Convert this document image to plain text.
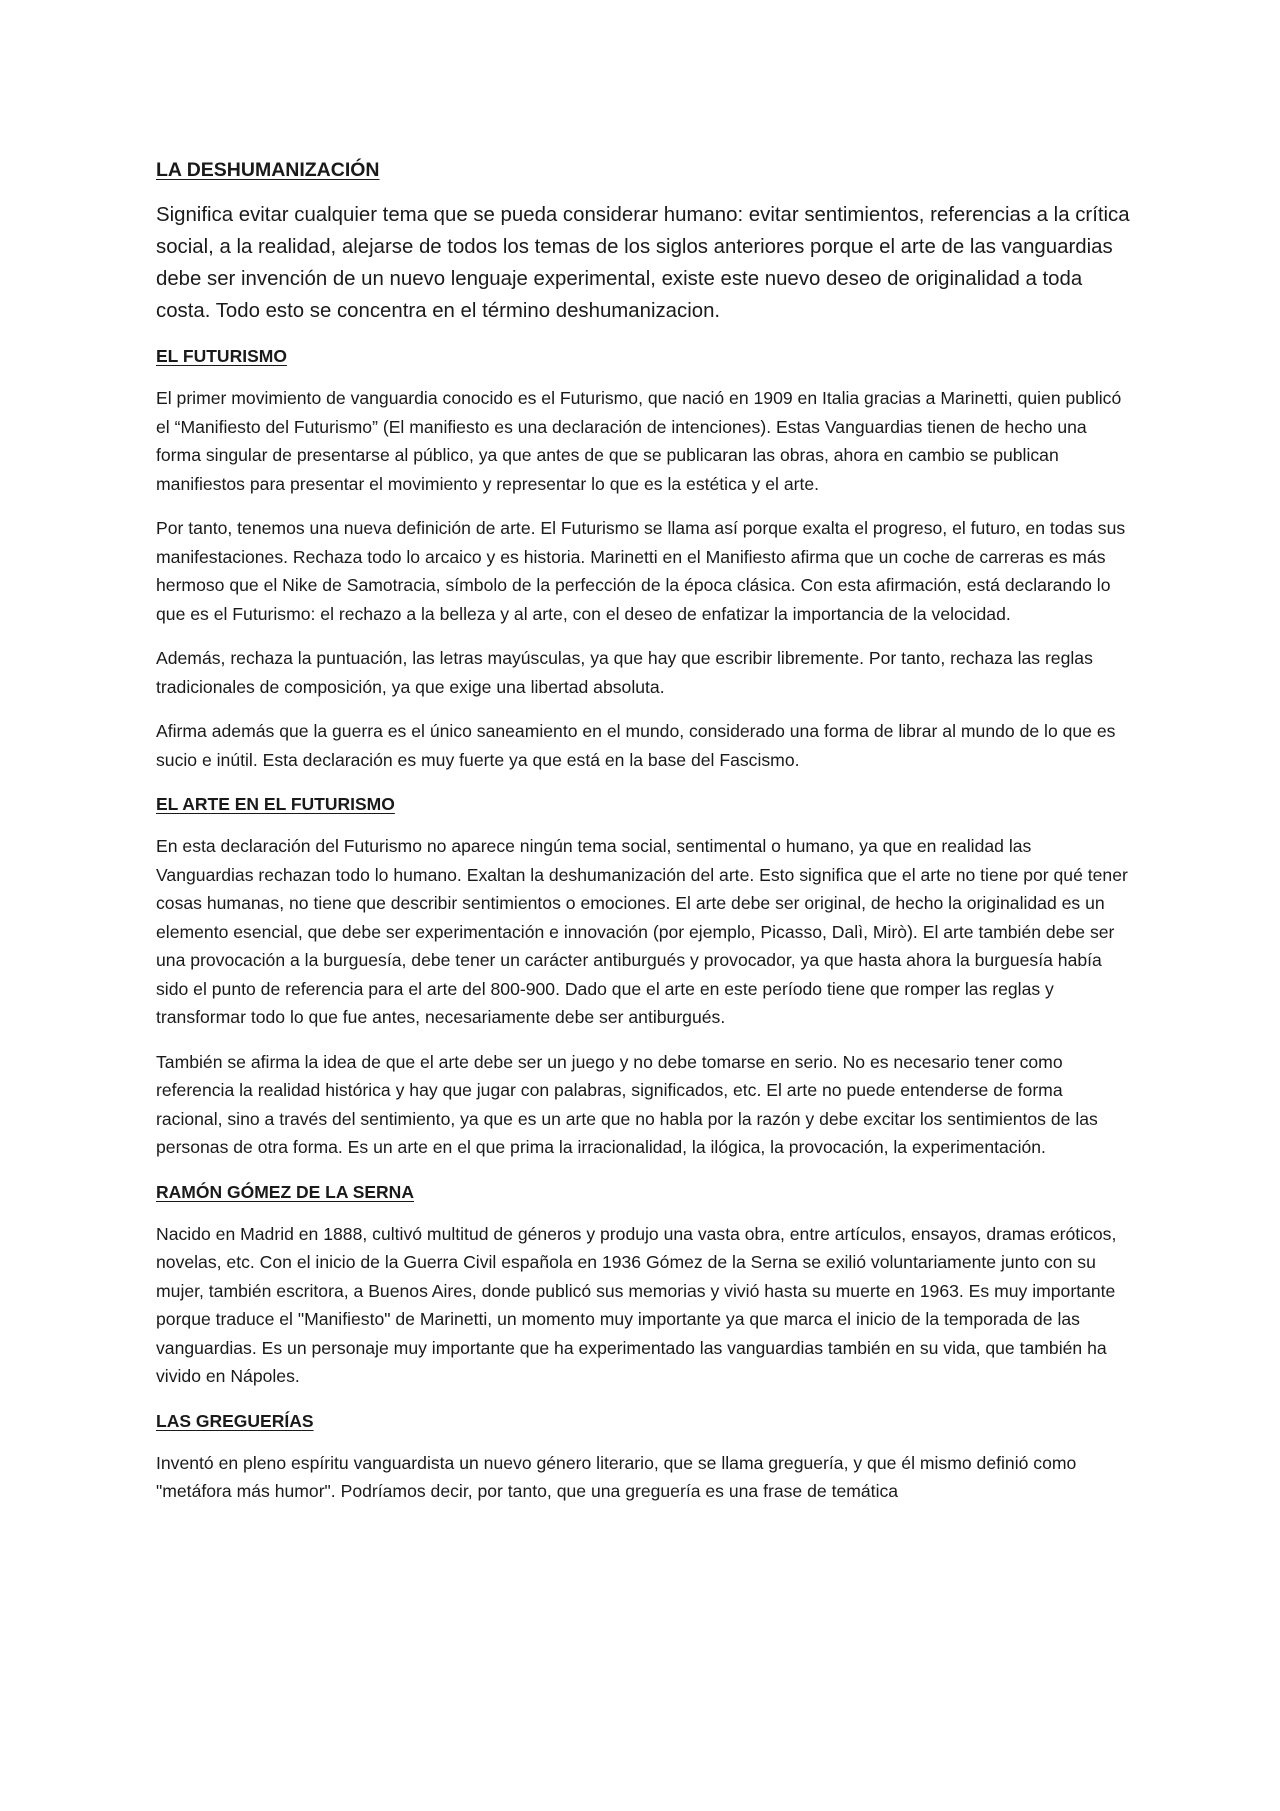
LA DESHUMANIZACIÓN

Significa evitar cualquier tema que se pueda considerar humano: evitar sentimientos, referencias a la crítica social, a la realidad, alejarse de todos los temas de los siglos anteriores porque el arte de las vanguardias debe ser invención de un nuevo lenguaje experimental, existe este nuevo deseo de originalidad a toda costa. Todo esto se concentra en el término deshumanizacion.

EL FUTURISMO

El primer movimiento de vanguardia conocido es el Futurismo, que nació en 1909 en Italia gracias a Marinetti, quien publicó el “Manifiesto del Futurismo” (El manifiesto es una declaración de intenciones). Estas Vanguardias tienen de hecho una forma singular de presentarse al público, ya que antes de que se publicaran las obras, ahora en cambio se publican manifiestos para presentar el movimiento y representar lo que es la estética y el arte.

Por tanto, tenemos una nueva definición de arte. El Futurismo se llama así porque exalta el progreso, el futuro, en todas sus manifestaciones. Rechaza todo lo arcaico y es historia. Marinetti en el Manifiesto afirma que un coche de carreras es más hermoso que el Nike de Samotracia, símbolo de la perfección de la época clásica. Con esta afirmación, está declarando lo que es el Futurismo: el rechazo a la belleza y al arte, con el deseo de enfatizar la importancia de la velocidad.

Además, rechaza la puntuación, las letras mayúsculas, ya que hay que escribir libremente. Por tanto, rechaza las reglas tradicionales de composición, ya que exige una libertad absoluta.

Afirma además que la guerra es el único saneamiento en el mundo, considerado una forma de librar al mundo de lo que es sucio e inútil. Esta declaración es muy fuerte ya que está en la base del Fascismo.

EL ARTE EN EL FUTURISMO

En esta declaración del Futurismo no aparece ningún tema social, sentimental o humano, ya que en realidad las Vanguardias rechazan todo lo humano. Exaltan la deshumanización del arte. Esto significa que el arte no tiene por qué tener cosas humanas, no tiene que describir sentimientos o emociones. El arte debe ser original, de hecho la originalidad es un elemento esencial, que debe ser experimentación e innovación (por ejemplo, Picasso, Dalì, Mirò). El arte también debe ser una provocación a la burguesía, debe tener un carácter antiburgués y provocador, ya que hasta ahora la burguesía había sido el punto de referencia para el arte del 800-900. Dado que el arte en este período tiene que romper las reglas y transformar todo lo que fue antes, necesariamente debe ser antiburgués.

También se afirma la idea de que el arte debe ser un juego y no debe tomarse en serio. No es necesario tener como referencia la realidad histórica y hay que jugar con palabras, significados, etc. El arte no puede entenderse de forma racional, sino a través del sentimiento, ya que es un arte que no habla por la razón y debe excitar los sentimientos de las personas de otra forma. Es un arte en el que prima la irracionalidad, la ilógica, la provocación, la experimentación.

RAMÓN GÓMEZ DE LA SERNA

Nacido en Madrid en 1888, cultivó multitud de géneros y produjo una vasta obra, entre artículos, ensayos, dramas eróticos, novelas, etc. Con el inicio de la Guerra Civil española en 1936 Gómez de la Serna se exilió voluntariamente junto con su mujer, también escritora, a Buenos Aires, donde publicó sus memorias y vivió hasta su muerte en 1963. Es muy importante porque traduce el "Manifiesto" de Marinetti, un momento muy importante ya que marca el inicio de la temporada de las vanguardias. Es un personaje muy importante que ha experimentado las vanguardias también en su vida, que también ha vivido en Nápoles.

LAS GREGUERÍAS

Inventó en pleno espíritu vanguardista un nuevo género literario, que se llama greguería, y que él mismo definió como "metáfora más humor". Podríamos decir, por tanto, que una greguería es una frase de temática
